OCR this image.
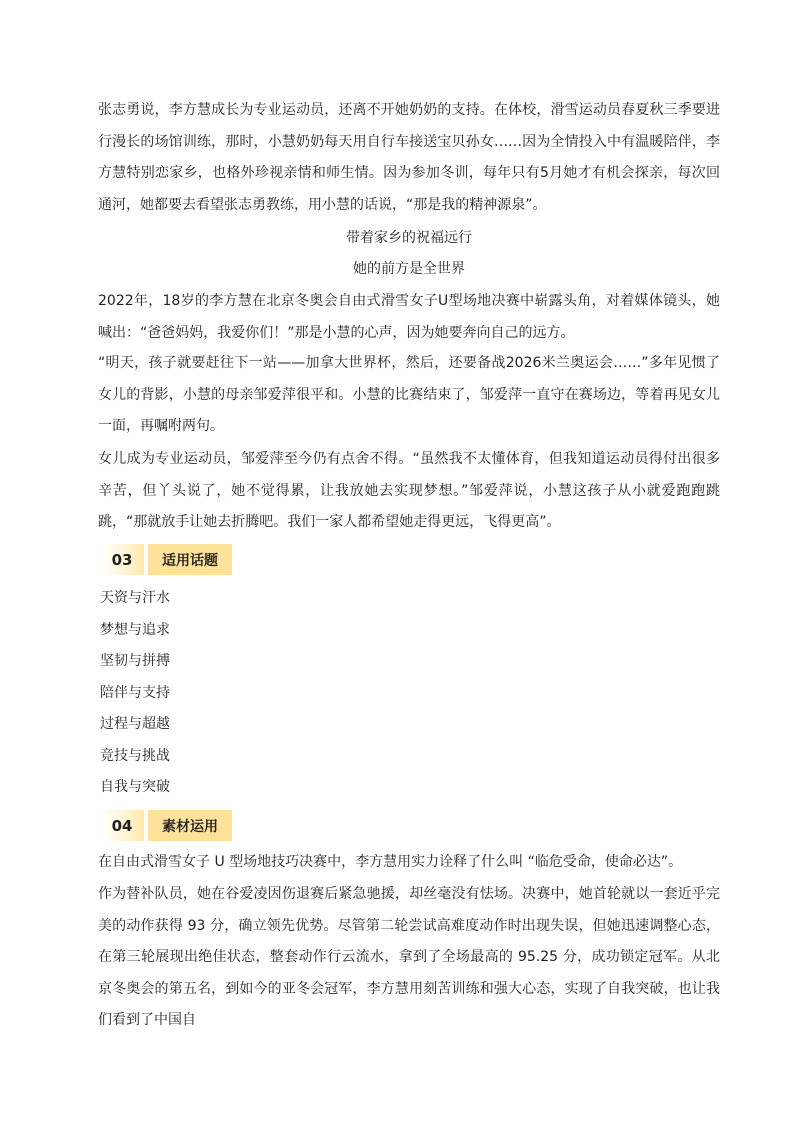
张志勇说，李方慧成长为专业运动员，还离不开她奶奶的支持。在体校，滑雪运动员春夏秋三季要进行漫长的场馆训练，那时，小慧奶奶每天用自行车接送宝贝孙女……因为全情投入中有温暖陪伴，李方慧特别恋家乡，也格外珍视亲情和师生情。因为参加冬训，每年只有5月她才有机会探亲，每次回通河，她都要去看望张志勇教练，用小慧的话说，“那是我的精神源泉”。

带着家乡的祝福远行

她的前方是全世界

2022年，18岁的李方慧在北京冬奥会自由式滑雪女子U型场地决赛中崭露头角，对着媒体镜头，她喊出：“爸爸妈妈，我爱你们！”那是小慧的心声，因为她要奔向自己的远方。

“明天，孩子就要赶往下一站——加拿大世界杯，然后，还要备战2026米兰奥运会……”多年见惯了女儿的背影，小慧的母亲邹爱萍很平和。小慧的比赛结束了，邹爱萍一直守在赛场边，等着再见女儿一面，再嘱咐两句。

女儿成为专业运动员，邹爱萍至今仍有点舍不得。“虽然我不太懂体育，但我知道运动员得付出很多辛苦，但丫头说了，她不觉得累，让我放她去实现梦想。”邹爱萍说，小慧这孩子从小就爱跑跑跳跳，“那就放手让她去折腾吧。我们一家人都希望她走得更远，飞得更高”。

03	适用话题

天资与汗水

梦想与追求

坚韧与拼搏

陪伴与支持

过程与超越

竞技与挑战

自我与突破

04	素材运用

在自由式滑雪女子 U 型场地技巧决赛中，李方慧用实力诠释了什么叫 “临危受命，使命必达”。

作为替补队员，她在谷爱凌因伤退赛后紧急驰援，却丝毫没有怯场。决赛中，她首轮就以一套近乎完美的动作获得 93 分，确立领先优势。尽管第二轮尝试高难度动作时出现失误，但她迅速调整心态，在第三轮展现出绝佳状态，整套动作行云流水，拿到了全场最高的 95.25 分，成功锁定冠军。从北京冬奥会的第五名，到如今的亚冬会冠军，李方慧用刻苦训练和强大心态，实现了自我突破，也让我们看到了中国自
